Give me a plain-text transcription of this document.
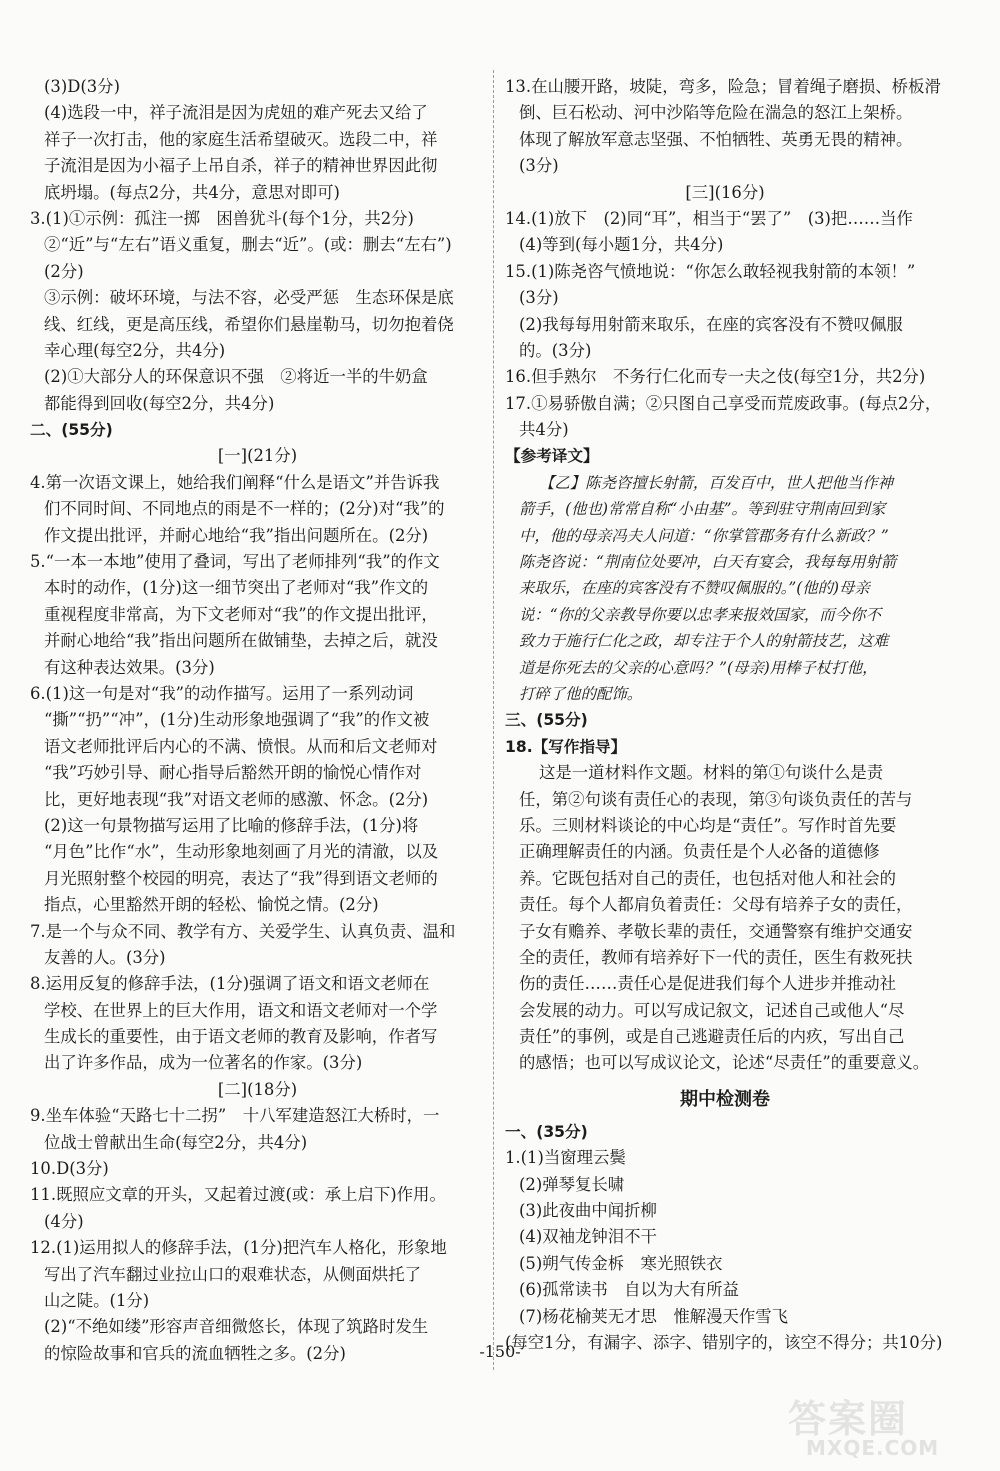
(3)D(3分)
(4)选段一中，祥子流泪是因为虎妞的难产死去又给了
祥子一次打击，他的家庭生活希望破灭。选段二中，祥
子流泪是因为小福子上吊自杀，祥子的精神世界因此彻
底坍塌。(每点2分，共4分，意思对即可)
3.(1)①示例：孤注一掷　困兽犹斗(每个1分，共2分)
②“近”与“左右”语义重复，删去“近”。(或：删去“左右”)
(2分)
③示例：破坏环境，与法不容，必受严惩　生态环保是底
线、红线，更是高压线，希望你们悬崖勒马，切勿抱着侥
幸心理(每空2分，共4分)
(2)①大部分人的环保意识不强　②将近一半的牛奶盒
都能得到回收(每空2分，共4分)
二、(55分)
[一](21分)
4.第一次语文课上，她给我们阐释“什么是语文”并告诉我
们不同时间、不同地点的雨是不一样的；(2分)对“我”的
作文提出批评，并耐心地给“我”指出问题所在。(2分)
5.“一本一本地”使用了叠词，写出了老师排列“我”的作文
本时的动作，(1分)这一细节突出了老师对“我”作文的
重视程度非常高，为下文老师对“我”的作文提出批评，
并耐心地给“我”指出问题所在做铺垫，去掉之后，就没
有这种表达效果。(3分)
6.(1)这一句是对“我”的动作描写。运用了一系列动词
“撕”“扔”“冲”，(1分)生动形象地强调了“我”的作文被
语文老师批评后内心的不满、愤恨。从而和后文老师对
“我”巧妙引导、耐心指导后豁然开朗的愉悦心情作对
比，更好地表现“我”对语文老师的感激、怀念。(2分)
(2)这一句景物描写运用了比喻的修辞手法，(1分)将
“月色”比作“水”，生动形象地刻画了月光的清澈，以及
月光照射整个校园的明亮，表达了“我”得到语文老师的
指点，心里豁然开朗的轻松、愉悦之情。(2分)
7.是一个与众不同、教学有方、关爱学生、认真负责、温和
友善的人。(3分)
8.运用反复的修辞手法，(1分)强调了语文和语文老师在
学校、在世界上的巨大作用，语文和语文老师对一个学
生成长的重要性，由于语文老师的教育及影响，作者写
出了许多作品，成为一位著名的作家。(3分)
[二](18分)
9.坐车体验“天路七十二拐”　十八军建造怒江大桥时，一
位战士曾献出生命(每空2分，共4分)
10.D(3分)
11.既照应文章的开头，又起着过渡(或：承上启下)作用。
(4分)
12.(1)运用拟人的修辞手法，(1分)把汽车人格化，形象地
写出了汽车翻过业拉山口的艰难状态，从侧面烘托了
山之陡。(1分)
(2)“不绝如缕”形容声音细微悠长，体现了筑路时发生
的惊险故事和官兵的流血牺牲之多。(2分)
13.在山腰开路，坡陡，弯多，险急；冒着绳子磨损、桥板滑
倒、巨石松动、河中沙陷等危险在湍急的怒江上架桥。
体现了解放军意志坚强、不怕牺牲、英勇无畏的精神。
(3分)
[三](16分)
14.(1)放下　(2)同“耳”，相当于“罢了”　(3)把……当作
(4)等到(每小题1分，共4分)
15.(1)陈尧咨气愤地说：“你怎么敢轻视我射箭的本领！”
(3分)
(2)我每每用射箭来取乐，在座的宾客没有不赞叹佩服
的。(3分)
16.但手熟尔　不务行仁化而专一夫之伎(每空1分，共2分)
17.①易骄傲自满；②只图自己享受而荒废政事。(每点2分，
共4分)
【参考译文】
【乙】陈尧咨擅长射箭，百发百中，世人把他当作神
箭手，(他也)常常自称“小由基”。等到驻守荆南回到家
中，他的母亲冯夫人问道：“你掌管郡务有什么新政？”
陈尧咨说：“荆南位处要冲，白天有宴会，我每每用射箭
来取乐，在座的宾客没有不赞叹佩服的。”(他的)母亲
说：“你的父亲教导你要以忠孝来报效国家，而今你不
致力于施行仁化之政，却专注于个人的射箭技艺，这难
道是你死去的父亲的心意吗？”(母亲)用棒子杖打他，
打碎了他的配饰。
三、(55分)
18.【写作指导】
这是一道材料作文题。材料的第①句谈什么是责
任，第②句谈有责任心的表现，第③句谈负责任的苦与
乐。三则材料谈论的中心均是“责任”。写作时首先要
正确理解责任的内涵。负责任是个人必备的道德修
养。它既包括对自己的责任，也包括对他人和社会的
责任。每个人都肩负着责任：父母有培养子女的责任，
子女有赡养、孝敬长辈的责任，交通警察有维护交通安
全的责任，教师有培养好下一代的责任，医生有救死扶
伤的责任……责任心是促进我们每个人进步并推动社
会发展的动力。可以写成记叙文，记述自己或他人“尽
责任”的事例，或是自己逃避责任后的内疚，写出自己
的感悟；也可以写成议论文，论述“尽责任”的重要意义。
期中检测卷
一、(35分)
1.(1)当窗理云鬓
(2)弹琴复长啸
(3)此夜曲中闻折柳
(4)双袖龙钟泪不干
(5)朔气传金柝　寒光照铁衣
(6)孤常读书　自以为大有所益
(7)杨花榆荚无才思　惟解漫天作雪飞
(每空1分，有漏字、添字、错别字的，该空不得分；共10分)
-150-
答案圈
MXQE.COM
